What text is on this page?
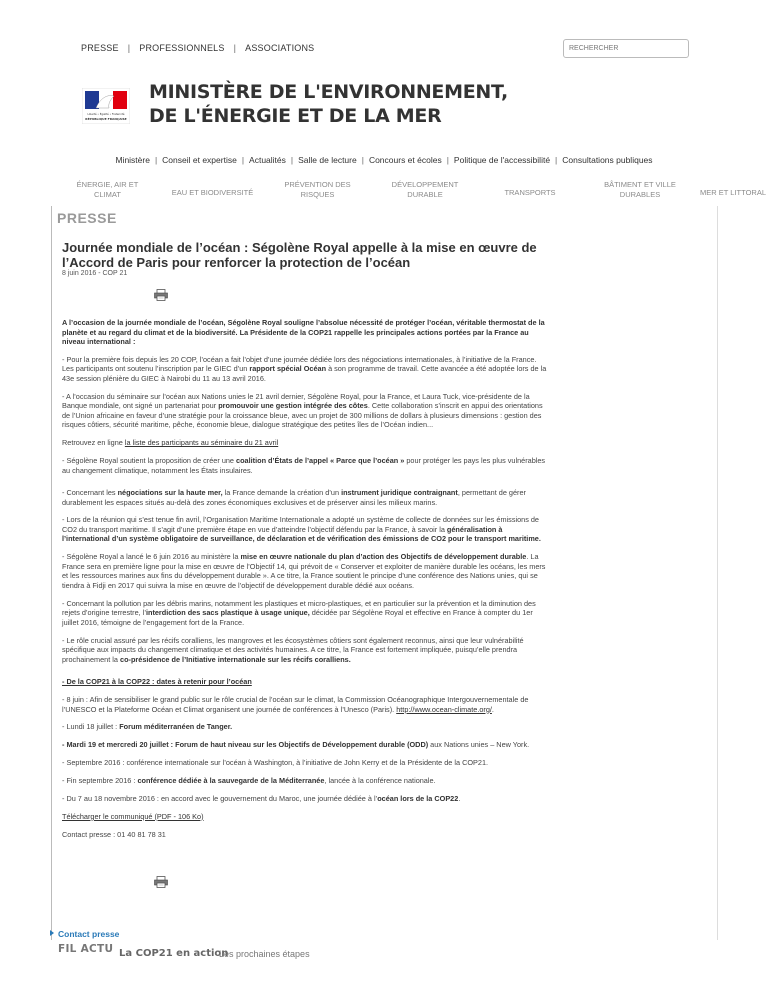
PRESSE | PROFESSIONNELS | ASSOCIATIONS	RECHERCHER
Liberté • Égalité • Fraternité
RÉPUBLIQUE FRANÇAISE
MINISTÈRE DE L'ENVIRONNEMENT,
DE L'ÉNERGIE ET DE LA MER
Ministère | Conseil et expertise | Actualités | Salle de lecture | Concours et écoles | Politique de l'accessibilité | Consultations publiques
ÉNERGIE, AIR ET
CLIMAT	EAU ET BIODIVERSITÉ
PRÉVENTION DES
RISQUES
DÉVELOPPEMENT
DURABLE	TRANSPORTS
BÂTIMENT ET VILLE
DURABLES	MER ET LITTORAL
PRESSE
Journée mondiale de l’océan : Ségolène Royal appelle à la mise en œuvre de l’Accord de Paris pour renforcer la protection de l’océan
8 juin 2016 - COP 21

A l’occasion de la journée mondiale de l’océan, Ségolène Royal souligne l’absolue nécessité de protéger l’océan, véritable thermostat de la planète et au regard du climat et de la biodiversité. La Présidente de la COP21 rappelle les principales actions portées par la France au niveau international :

- Pour la première fois depuis les 20 COP, l’océan a fait l’objet d’une journée dédiée lors des négociations internationales, à l’initiative de la France. Les participants ont soutenu l’inscription par le GIEC d’un rapport spécial Océan à son programme de travail. Cette avancée a été adoptée lors de la 43e session plénière du GIEC à Nairobi du 11 au 13 avril 2016.

- A l’occasion du séminaire sur l’océan aux Nations unies le 21 avril dernier, Ségolène Royal, pour la France, et Laura Tuck, vice-présidente de la Banque mondiale, ont signé un partenariat pour promouvoir une gestion intégrée des côtes. Cette collaboration s’inscrit en appui des orientations de l’Union africaine en faveur d’une stratégie pour la croissance bleue, avec un projet de 300 millions de dollars à plusieurs dimensions : gestion des risques côtiers, sécurité maritime, pêche, économie bleue, dialogue stratégique des petites îles de l’Océan indien...

Retrouvez en ligne la liste des participants au séminaire du 21 avril

- Ségolène Royal soutient la proposition de créer une coalition d’États de l’appel « Parce que l’océan » pour protéger les pays les plus vulnérables au changement climatique, notamment les États insulaires.

- Concernant les négociations sur la haute mer, la France demande la création d’un instrument juridique contraignant, permettant de gérer durablement les espaces situés au-delà des zones économiques exclusives et de préserver ainsi les milieux marins.

- Lors de la réunion qui s’est tenue fin avril, l’Organisation Maritime Internationale a adopté un système de collecte de données sur les émissions de CO2 du transport maritime. Il s’agit d’une première étape en vue d’atteindre l’objectif défendu par la France, à savoir la généralisation à l’international d’un système obligatoire de surveillance, de déclaration et de vérification des émissions de CO2 pour le transport maritime.

- Ségolène Royal a lancé le 6 juin 2016 au ministère la mise en œuvre nationale du plan d’action des Objectifs de développement durable. La France sera en première ligne pour la mise en œuvre de l’Objectif 14, qui prévoit de « Conserver et exploiter de manière durable les océans, les mers et les ressources marines aux fins du développement durable ». A ce titre, la France soutient le principe d’une conférence des Nations unies, qui se tiendra à Fidji en 2017 qui suivra la mise en œuvre de l’objectif de développement durable dédié aux océans.

- Concernant la pollution par les débris marins, notamment les plastiques et micro-plastiques, et en particulier sur la prévention et la diminution des rejets d’origine terrestre, l’interdiction des sacs plastique à usage unique, décidée par Ségolène Royal et effective en France à compter du 1er juillet 2016, témoigne de l’engagement fort de la France.

- Le rôle crucial assuré par les récifs coralliens, les mangroves et les écosystèmes côtiers sont également reconnus, ainsi que leur vulnérabilité spécifique aux impacts du changement climatique et des activités humaines. A ce titre, la France est fortement impliquée, puisqu’elle prendra prochainement la co-présidence de l’Initiative internationale sur les récifs coralliens.

- De la COP21 à la COP22 : dates à retenir pour l’océan

- 8 juin : Afin de sensibiliser le grand public sur le rôle crucial de l’océan sur le climat, la Commission Océanographique Intergouvernementale de l’UNESCO et la Plateforme Océan et Climat organisent une journée de conférences à l’Unesco (Paris). http://www.ocean-climate.org/.

- Lundi 18 juillet : Forum méditerranéen de Tanger.

- Mardi 19 et mercredi 20 juillet : Forum de haut niveau sur les Objectifs de Développement durable (ODD) aux Nations unies – New York.

- Septembre 2016 : conférence internationale sur l’océan à Washington, à l’initiative de John Kerry et de la Présidente de la COP21.

- Fin septembre 2016 : conférence dédiée à la sauvegarde de la Méditerranée, lancée à la conférence nationale.

- Du 7 au 18 novembre 2016 : en accord avec le gouvernement du Maroc, une journée dédiée à l’océan lors de la COP22.

Télécharger le communiqué (PDF - 106 Ko)

Contact presse : 01 40 81 78 31

Contact presse
FIL ACTU La COP21 en action
Les prochaines étapes
